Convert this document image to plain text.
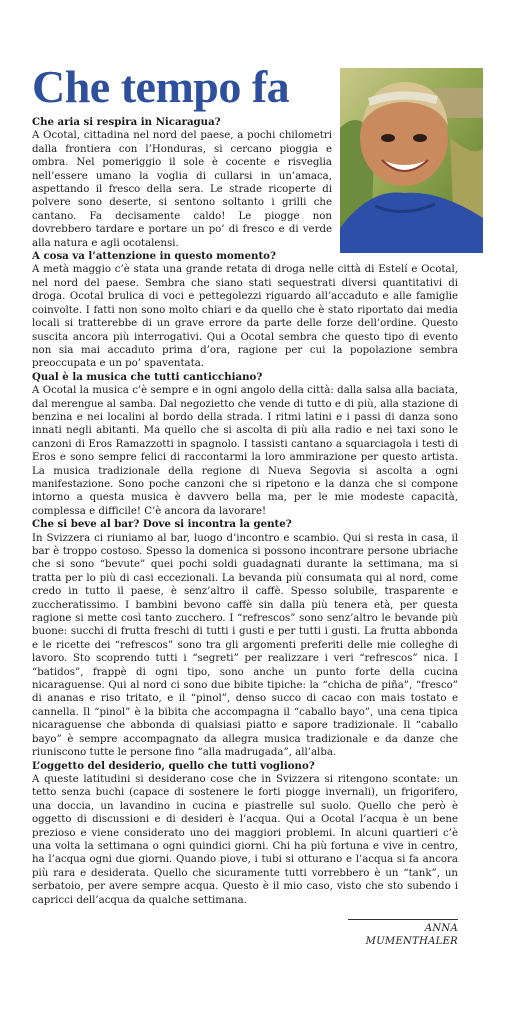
Che tempo fa

Che aria si respira in Nicaragua?

A Ocotal, cittadina nel nord del paese, a pochi chilometri dalla frontiera con l’Honduras, si cercano pioggia e ombra. Nel pomeriggio il sole è cocente e risveglia nell’essere umano la voglia di cullarsi in un’amaca, aspettando il fresco della sera. Le strade ricoperte di polvere sono deserte, si sentono soltanto i grilli che cantano. Fa decisamente caldo! Le piogge non dovrebbero tardare e portare un po’ di fresco e di verde alla natura e agli ocotalensi.

A cosa va l’attenzione in questo momento?

A metà maggio c’è stata una grande retata di droga nelle città di Estelí e Ocotal, nel nord del paese. Sembra che siano stati sequestrati diversi quantitativi di droga. Ocotal brulica di voci e pettegolezzi riguardo all’accaduto e alle famiglie coinvolte. I fatti non sono molto chiari e da quello che è stato riportato dai media locali si tratterebbe di un grave errore da parte delle forze dell’ordine. Questo suscita ancora più interrogativi. Qui a Ocotal sembra che questo tipo di evento non sia mai accaduto prima d’ora, ragione per cui la popolazione sembra preoccupata e un po’ spaventata.

Qual è la musica che tutti canticchiano?

A Ocotal la musica c’è sempre e in ogni angolo della città: dalla salsa alla baciata, dal merengue al samba. Dal negozietto che vende di tutto e di più, alla stazione di benzina e nei localini al bordo della strada. I ritmi latini e i passi di danza sono innati negli abitanti. Ma quello che si ascolta di più alla radio e nei taxi sono le canzoni di Eros Ramazzotti in spagnolo. I tassisti cantano a squarciagola i testi di Eros e sono sempre felici di raccontarmi la loro ammirazione per questo artista. La musica tradizionale della regione di Nueva Segovia si ascolta a ogni manifestazione. Sono poche canzoni che si ripetono e la danza che si compone intorno a questa musica è davvero bella ma, per le mie modeste capacità, complessa e difficile! C’è ancora da lavorare!

Che si beve al bar? Dove si incontra la gente?

In Svizzera ci riuniamo al bar, luogo d’incontro e scambio. Qui si resta in casa, il bar è troppo costoso. Spesso la domenica si possono incontrare persone ubriache che si sono “bevute” quei pochi soldi guadagnati durante la settimana, ma si tratta per lo più di casi eccezionali. La bevanda più consumata qui al nord, come credo in tutto il paese, è senz’altro il caffè. Spesso solubile, trasparente e zuccheratissimo. I bambini bevono caffè sin dalla più tenera età, per questa ragione si mette così tanto zucchero. I “refrescos” sono senz’altro le bevande più buone: succhi di frutta freschi di tutti i gusti e per tutti i gusti. La frutta abbonda e le ricette dei “refrescos” sono tra gli argomenti preferiti delle mie colleghe di lavoro. Sto scoprendo tutti i “segreti” per realizzare i veri “refrescos” nica. I “batidos”, frappè di ogni tipo, sono anche un punto forte della cucina nicaraguense. Qui al nord ci sono due bibite tipiche: la “chicha de piña”, “fresco” di ananas e riso tritato, e il “pinol”, denso succo di cacao con mais tostato e cannella. Il “pinol” è la bibita che accompagna il “caballo bayo”, una cena tipica nicaraguense che abbonda di qualsiasi piatto e sapore tradizionale. Il “caballo bayo” è sempre accompagnato da allegra musica tradizionale e da danze che riuniscono tutte le persone fino “alla madrugada”, all’alba.

L’oggetto del desiderio, quello che tutti vogliono?

A queste latitudini si desiderano cose che in Svizzera si ritengono scontate: un tetto senza buchi (capace di sostenere le forti piogge invernali), un frigorifero, una doccia, un lavandino in cucina e piastrelle sul suolo. Quello che però è oggetto di discussioni e di desideri è l’acqua. Qui a Ocotal l’acqua è un bene prezioso e viene considerato uno dei maggiori problemi. In alcuni quartieri c’è una volta la settimana o ogni quindici giorni. Chi ha più fortuna e vive in centro, ha l’acqua ogni due giorni. Quando piove, i tubi si otturano e l’acqua si fa ancora più rara e desiderata. Quello che sicuramente tutti vorrebbero è un “tank”, un serbatoio, per avere sempre acqua. Questo è il mio caso, visto che sto subendo i capricci dell’acqua da qualche settimana.

ANNA MUMENTHALER
